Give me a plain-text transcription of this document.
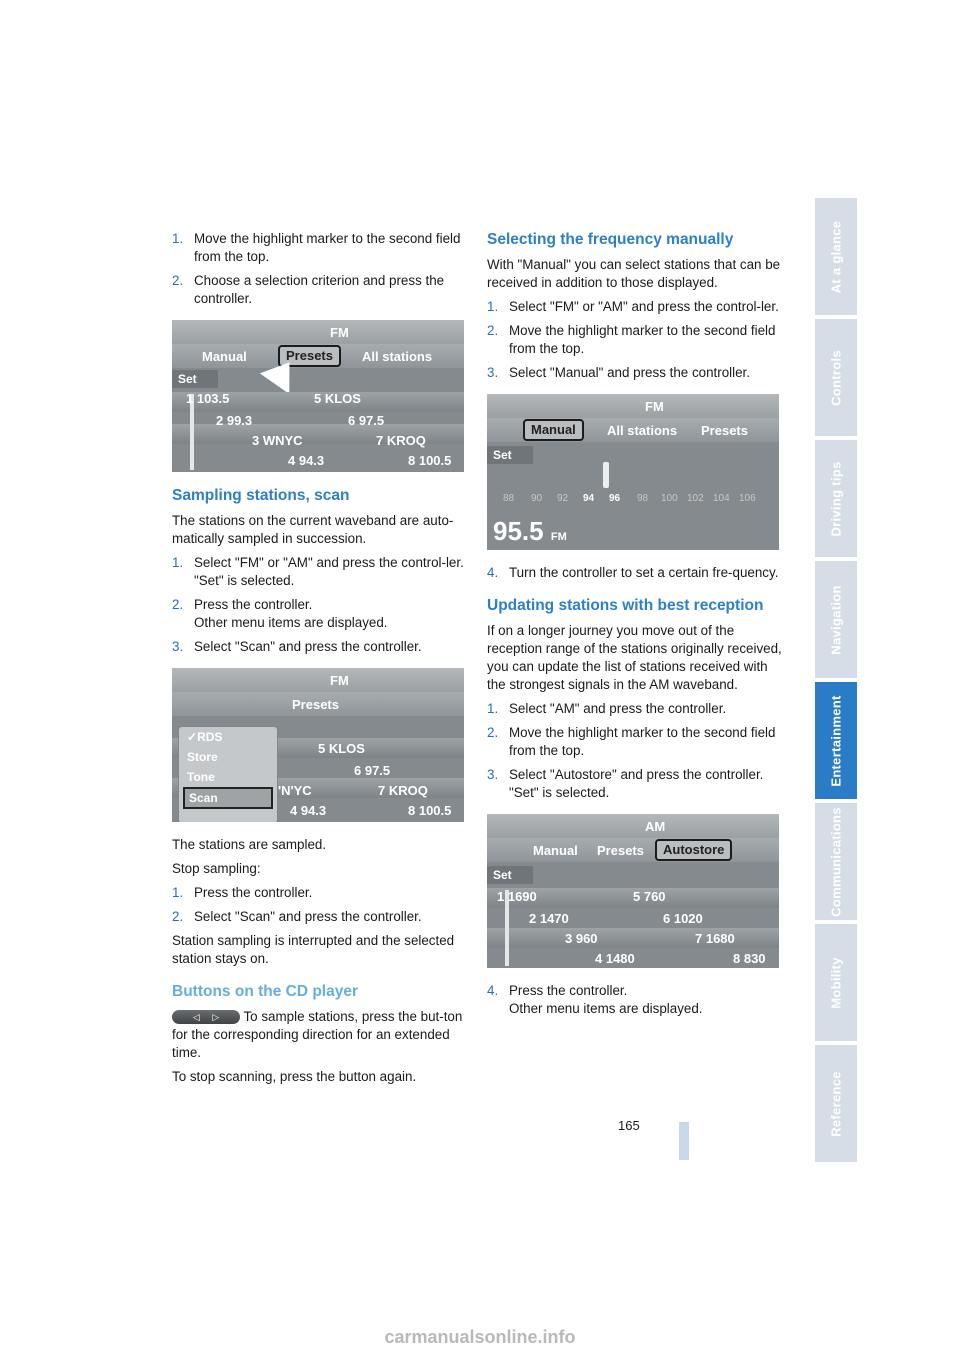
1. Move the highlight marker to the second field from the top.
2. Choose a selection criterion and press the controller.
FM
Manual	Presets	All stations
Set
1 103.5	5 KLOS
2 99.3	6 97.5
3 WNYC	7 KROQ
4 94.3	8 100.5
Sampling stations, scan

The stations on the current waveband are auto-matically sampled in succession.

1. Select "FM" or "AM" and press the control-ler.
"Set" is selected.
2. Press the controller.
Other menu items are displayed.
3. Select "Scan" and press the controller.
FM
Presets
5 KLOS
6 97.5
'N'YC	7 KROQ
4 94.3	8 100.5
✓RDS
Store
Tone
Scan

The stations are sampled.

Stop sampling:

1. Press the controller.
2. Select "Scan" and press the controller.

Station sampling is interrupted and the selected station stays on.

Buttons on the CD player

◁     ▷ To sample stations, press the but-ton for the corresponding direction for an extended time.

To stop scanning, press the button again.

Selecting the frequency manually

With "Manual" you can select stations that can be received in addition to those displayed.

1. Select "FM" or "AM" and press the control-ler.
2. Move the highlight marker to the second field from the top.
3. Select "Manual" and press the controller.
FM
Manual	All stations Presets
Set
88 90 92 94 96 98 100 102 104 106
95.5 FM
4. Turn the controller to set a certain fre-quency.
Updating stations with best reception

If on a longer journey you move out of the reception range of the stations originally received, you can update the list of stations received with the strongest signals in the AM waveband.

1. Select "AM" and press the controller.
2. Move the highlight marker to the second field from the top.
3. Select "Autostore" and press the controller.
"Set" is selected.
AM
Manual Presets	Autostore
Set
1 1690	5 760
2 1470	6 1020
3 960	7 1680
4 1480	8 830
4. Press the controller.
Other menu items are displayed.
At a glance
Controls
Driving tips
Navigation
Entertainment
Communications
Mobility
Reference
165
carmanualsonline.info
